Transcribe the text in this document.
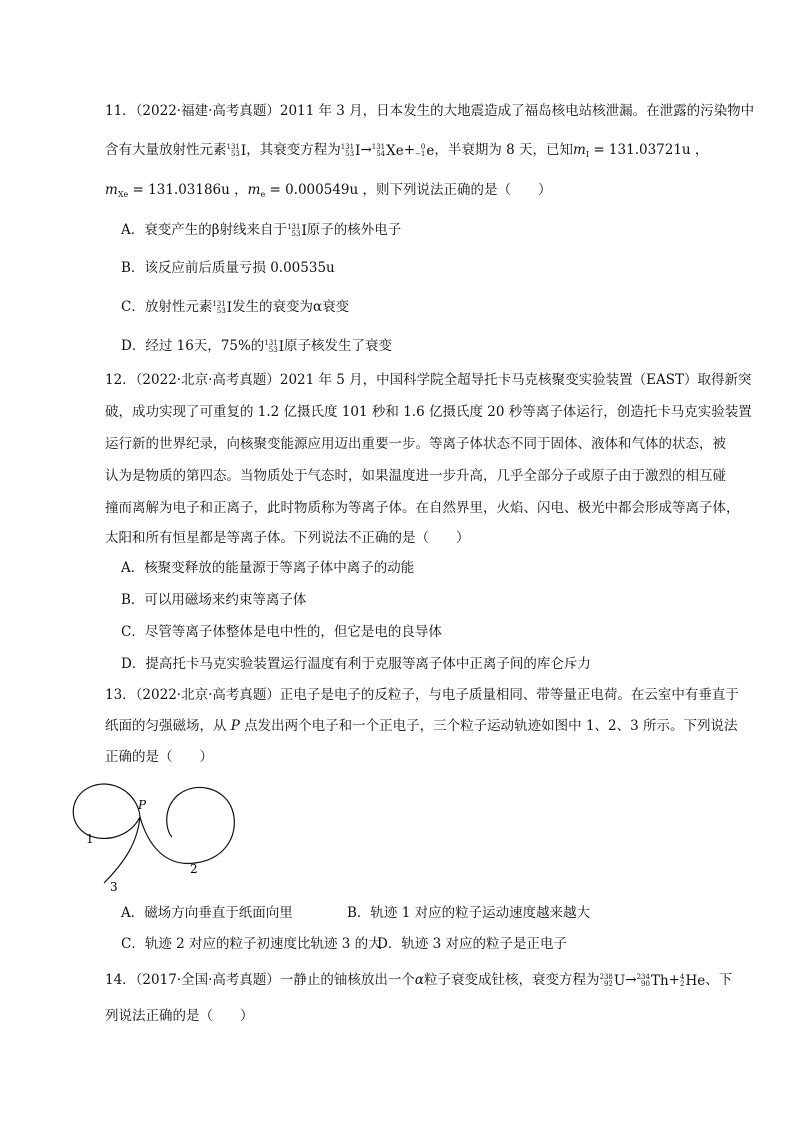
11．（2022·福建·高考真题）2011 年 3 月，日本发生的大地震造成了福岛核电站核泄漏。在泄露的污染物中
含有大量放射性元素 131
53 I，其衰变方程为 131
53 I→ 131
54 Xe+ 0
−1 e，半衰期为 8 天，已知$m_I = 131.03721u$ ，
$m_{Xe} = 131.03186u$ ，$m_e = 0.000549u$ ，则下列说法正确的是（　　）
A．衰变产生的β射线来自于 131
53 I原子的核外电子
B．该反应前后质量亏损 0.00535u
C．放射性元素 131
53 I发生的衰变为α衰变
D．经过 16天，75%的 131
53 I原子核发生了衰变
12．（2022·北京·高考真题）2021 年 5 月，中国科学院全超导托卡马克核聚变实验装置（EAST）取得新突
破，成功实现了可重复的 1.2 亿摄氏度 101 秒和 1.6 亿摄氏度 20 秒等离子体运行，创造托卡马克实验装置
运行新的世界纪录，向核聚变能源应用迈出重要一步。等离子体状态不同于固体、液体和气体的状态，被
认为是物质的第四态。当物质处于气态时，如果温度进一步升高，几乎全部分子或原子由于激烈的相互碰
撞而离解为电子和正离子，此时物质称为等离子体。在自然界里，火焰、闪电、极光中都会形成等离子体，
太阳和所有恒星都是等离子体。下列说法不正确的是（　　）
A．核聚变释放的能量源于等离子体中离子的动能
B．可以用磁场来约束等离子体
C．尽管等离子体整体是电中性的，但它是电的良导体
D．提高托卡马克实验装置运行温度有利于克服等离子体中正离子间的库仑斥力
13．（2022·北京·高考真题）正电子是电子的反粒子，与电子质量相同、带等量正电荷。在云室中有垂直于
纸面的匀强磁场，从 P 点发出两个电子和一个正电子，三个粒子运动轨迹如图中 1、2、3 所示。下列说法
正确的是（　　）
P
1
2
3
A．磁场方向垂直于纸面向里	B．轨迹 1 对应的粒子运动速度越来越大
C．轨迹 2 对应的粒子初速度比轨迹 3 的大
D．轨迹 3 对应的粒子是正电子
14．（2017·全国·高考真题）一静止的铀核放出一个α粒子衰变成钍核，衰变方程为 238
92 U→ 234
90 Th+ 4
2 He、下
列说法正确的是（　　）
